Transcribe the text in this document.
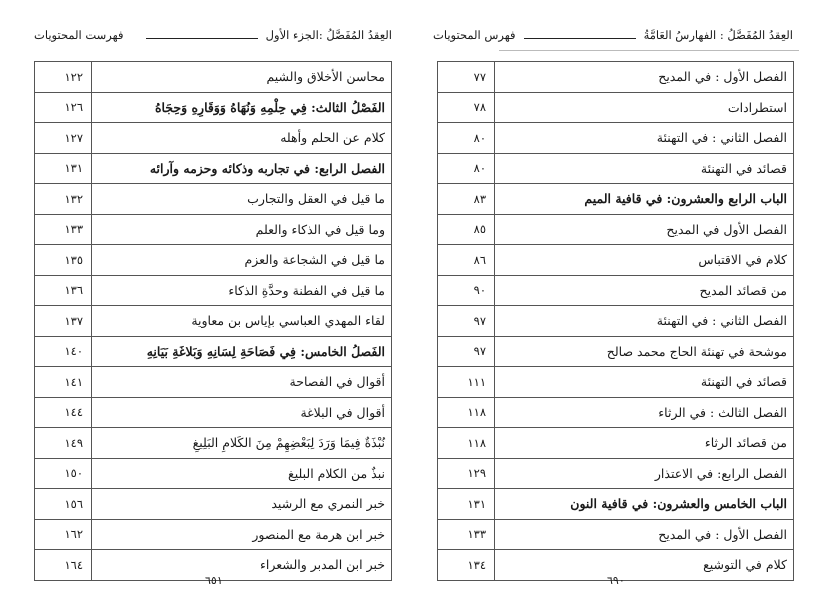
العِقدُ المُفَصَّلُ :الجزء الأول
فهرست المحتويات
محاسن الأخلاق والشيم	١٢٢
الفَصْلُ الثالث: فِي حِلْمِهِ وَنُهَاهُ وَوَقَارِهِ وَحِجَاهُ	١٢٦
كلام عن الحلم وأهله	١٢٧
الفصل الرابع: في تجاربه وذكائه وحزمه وآرائه	١٣١
ما قيل في العقل والتجارب	١٣٢
وما قيل في الذكاء والعلم	١٣٣
ما قيل في الشجاعة والعزم	١٣٥
ما قيل في الفطنة وحدَّةِ الذكاء	١٣٦
لقاء المهدي العباسي بإياس بن معاوية	١٣٧
الفَصلُ الخامس: فِي فَصَاحَةِ لِسَانِهِ وَبَلاغَةِ بَيَانِهِ	١٤٠
أقوال في الفصاحة	١٤١
أقوال في البلاغة	١٤٤
نُبْذَةٌ فِيمَا وَرَدَ لِبَعْضِهِمْ مِنَ الكَلامِ البَلِيغِ	١٤٩
نبذٌ من الكلام البليغ	١٥٠
خبر النمري مع الرشيد	١٥٦
خبر ابن هرمة مع المنصور	١٦٢
خبر ابن المدبر والشعراء	١٦٤
٦٥١
العِقدُ المُفَصَّلُ : الفهارسُ العَامَّةُ
فهرس المحتويات
الفصل الأول : في المديح	٧٧
استطرادات	٧٨
الفصل الثاني : في التهنئة	٨٠
قصائد في التهنئة	٨٠
الباب الرابع والعشرون: في قافية الميم	٨٣
الفصل الأول في المديح	٨٥
كلام في الاقتباس	٨٦
من قصائد المديح	٩٠
الفصل الثاني : في التهنئة	٩٧
موشحة في تهنئة الحاج محمد صالح	٩٧
قصائد في التهنئة	١١١
الفصل الثالث : في الرثاء	١١٨
من قصائد الرثاء	١١٨
الفصل الرابع: في الاعتذار	١٢٩
الباب الخامس والعشرون: في قافية النون	١٣١
الفصل الأول : في المديح	١٣٣
كلام في التوشيع	١٣٤
٦٩٠
